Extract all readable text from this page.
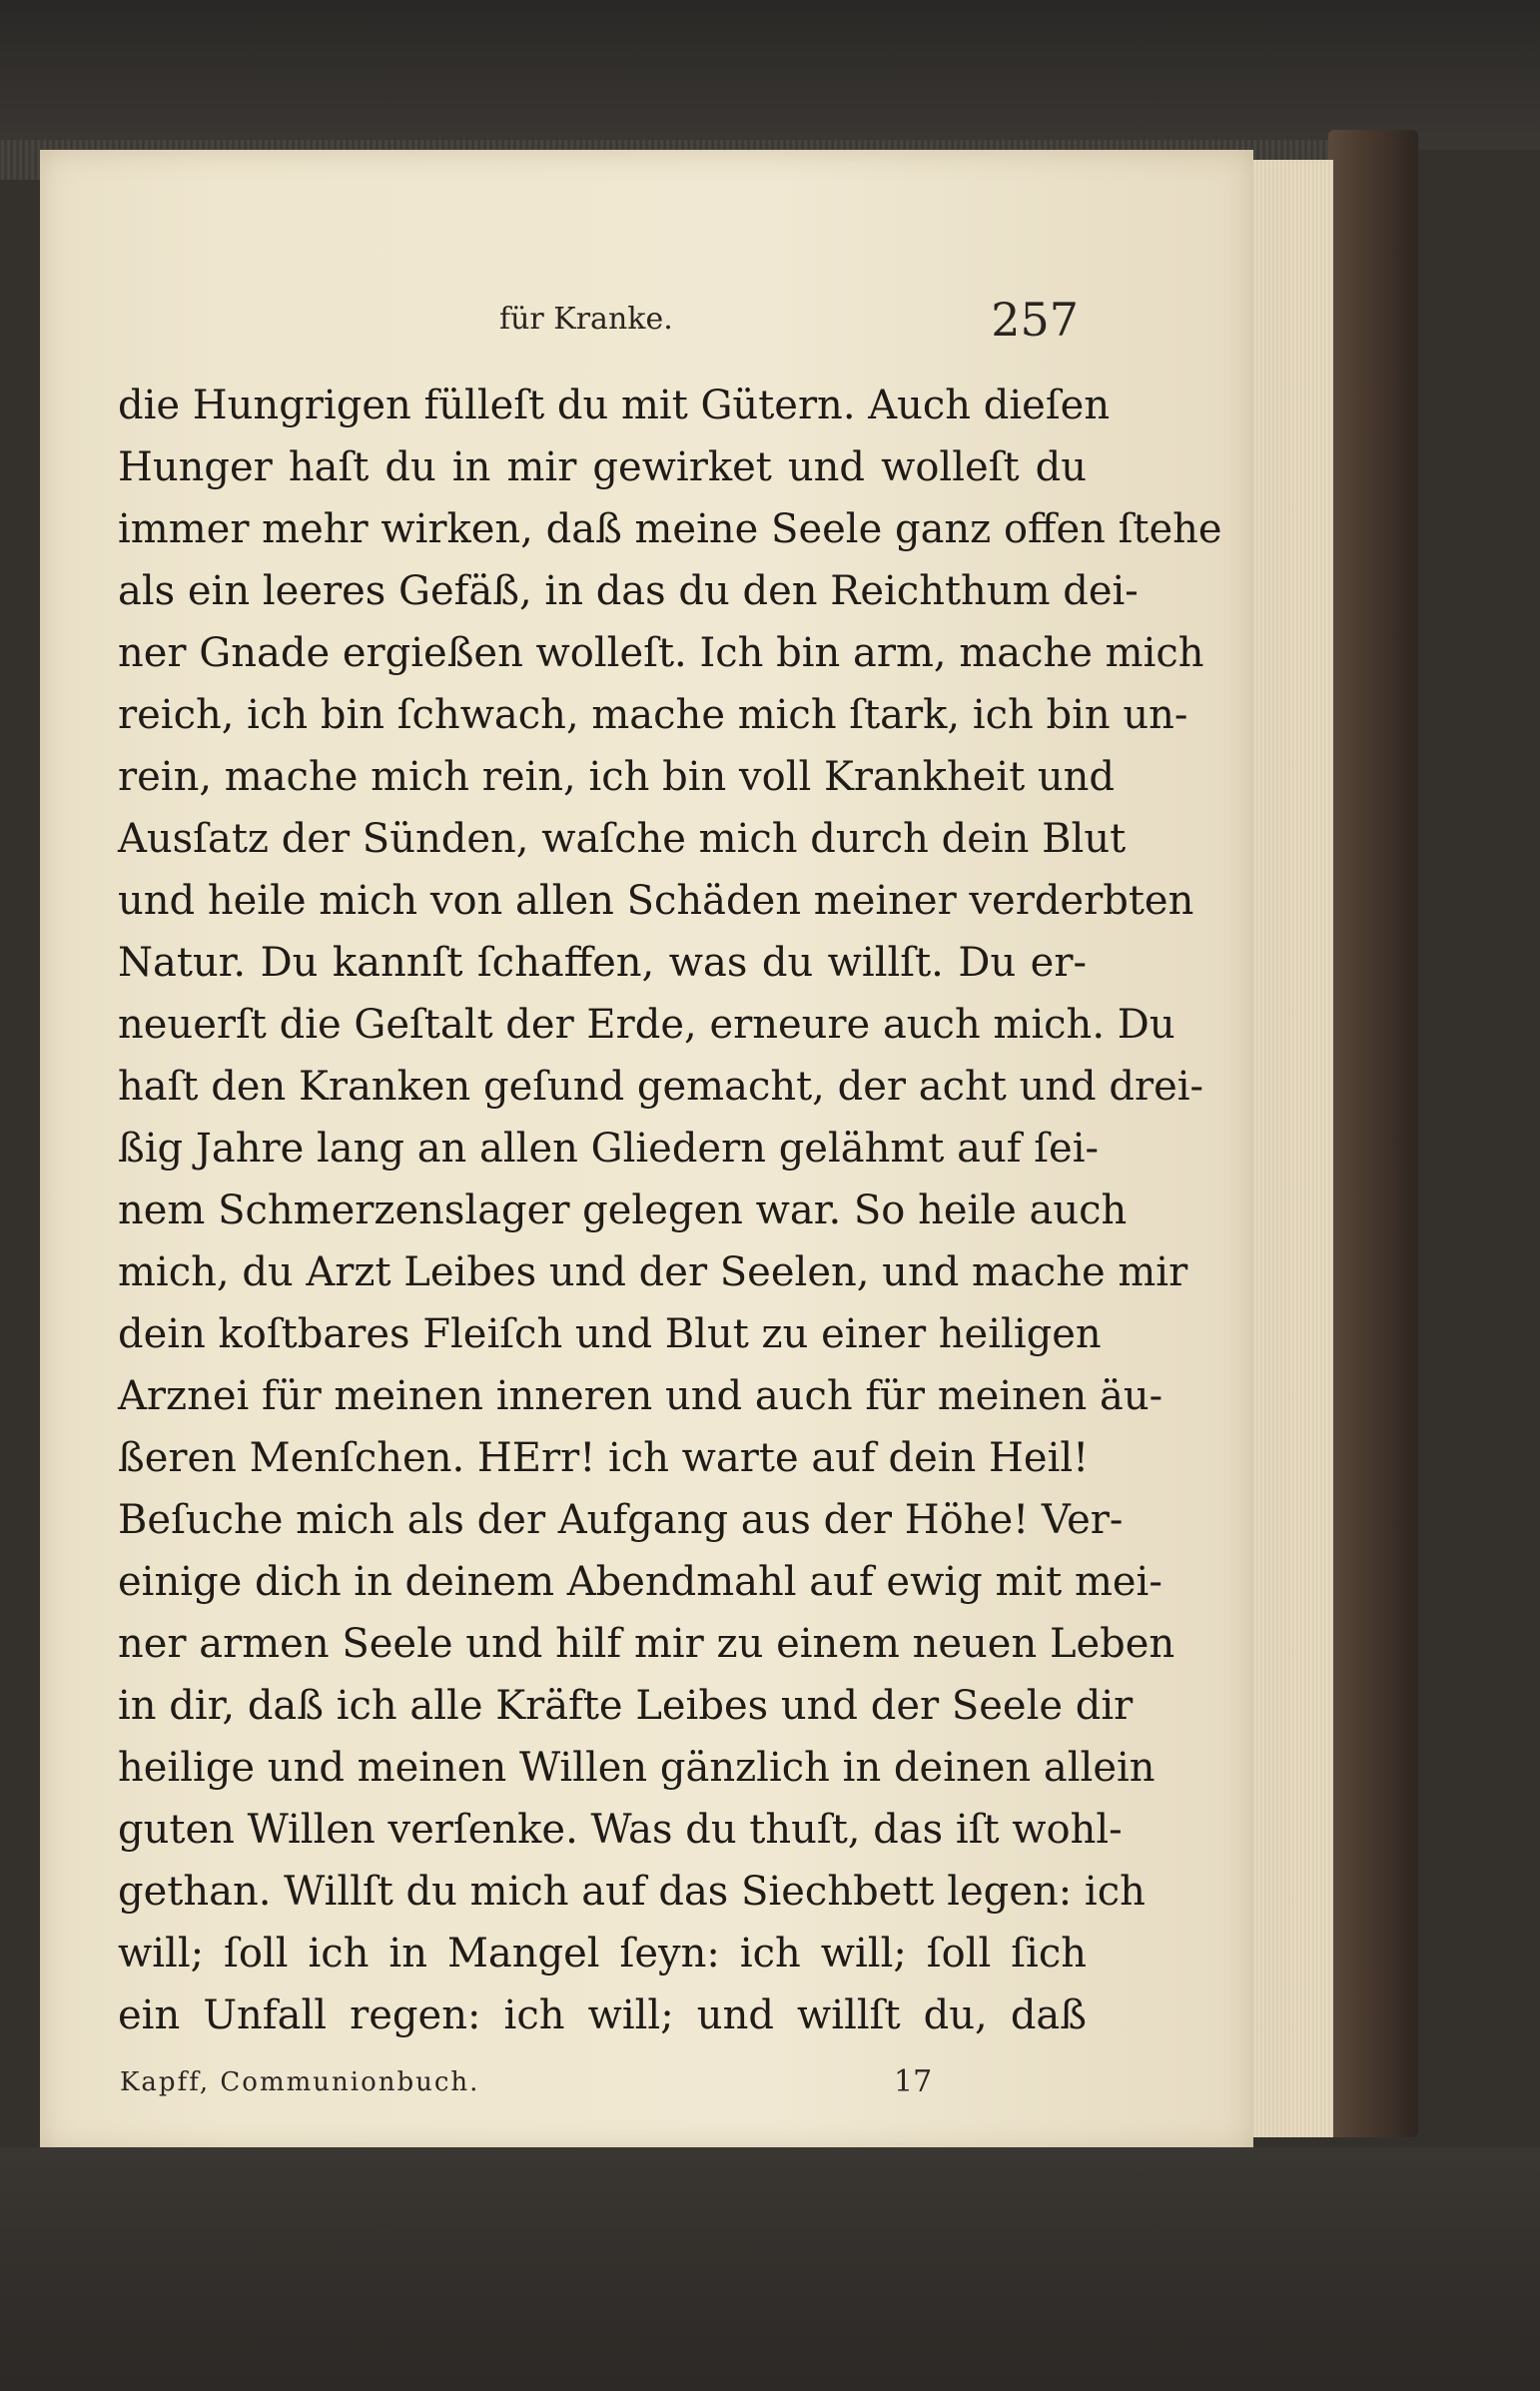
für Kranke.	257
die Hungrigen fülleſt du mit Gütern. Auch dieſen
Hunger haſt du in mir gewirket und wolleſt du
immer mehr wirken, daß meine Seele ganz offen ſtehe
als ein leeres Gefäß, in das du den Reichthum dei-
ner Gnade ergießen wolleſt. Ich bin arm, mache mich
reich, ich bin ſchwach, mache mich ſtark, ich bin un-
rein, mache mich rein, ich bin voll Krankheit und
Ausſatz der Sünden, waſche mich durch dein Blut
und heile mich von allen Schäden meiner verderbten
Natur. Du kannſt ſchaffen, was du willſt. Du er-
neuerſt die Geſtalt der Erde, erneure auch mich. Du
haſt den Kranken geſund gemacht, der acht und drei-
ßig Jahre lang an allen Gliedern gelähmt auf ſei-
nem Schmerzenslager gelegen war. So heile auch
mich, du Arzt Leibes und der Seelen, und mache mir
dein koſtbares Fleiſch und Blut zu einer heiligen
Arznei für meinen inneren und auch für meinen äu-
ßeren Menſchen. HErr! ich warte auf dein Heil!
Beſuche mich als der Aufgang aus der Höhe! Ver-
einige dich in deinem Abendmahl auf ewig mit mei-
ner armen Seele und hilf mir zu einem neuen Leben
in dir, daß ich alle Kräfte Leibes und der Seele dir
heilige und meinen Willen gänzlich in deinen allein
guten Willen verſenke. Was du thuſt, das iſt wohl-
gethan. Willſt du mich auf das Siechbett legen: ich
will; ſoll ich in Mangel ſeyn: ich will; ſoll ſich
ein Unfall regen: ich will; und willſt du, daß
Kapff, Communionbuch.	17
